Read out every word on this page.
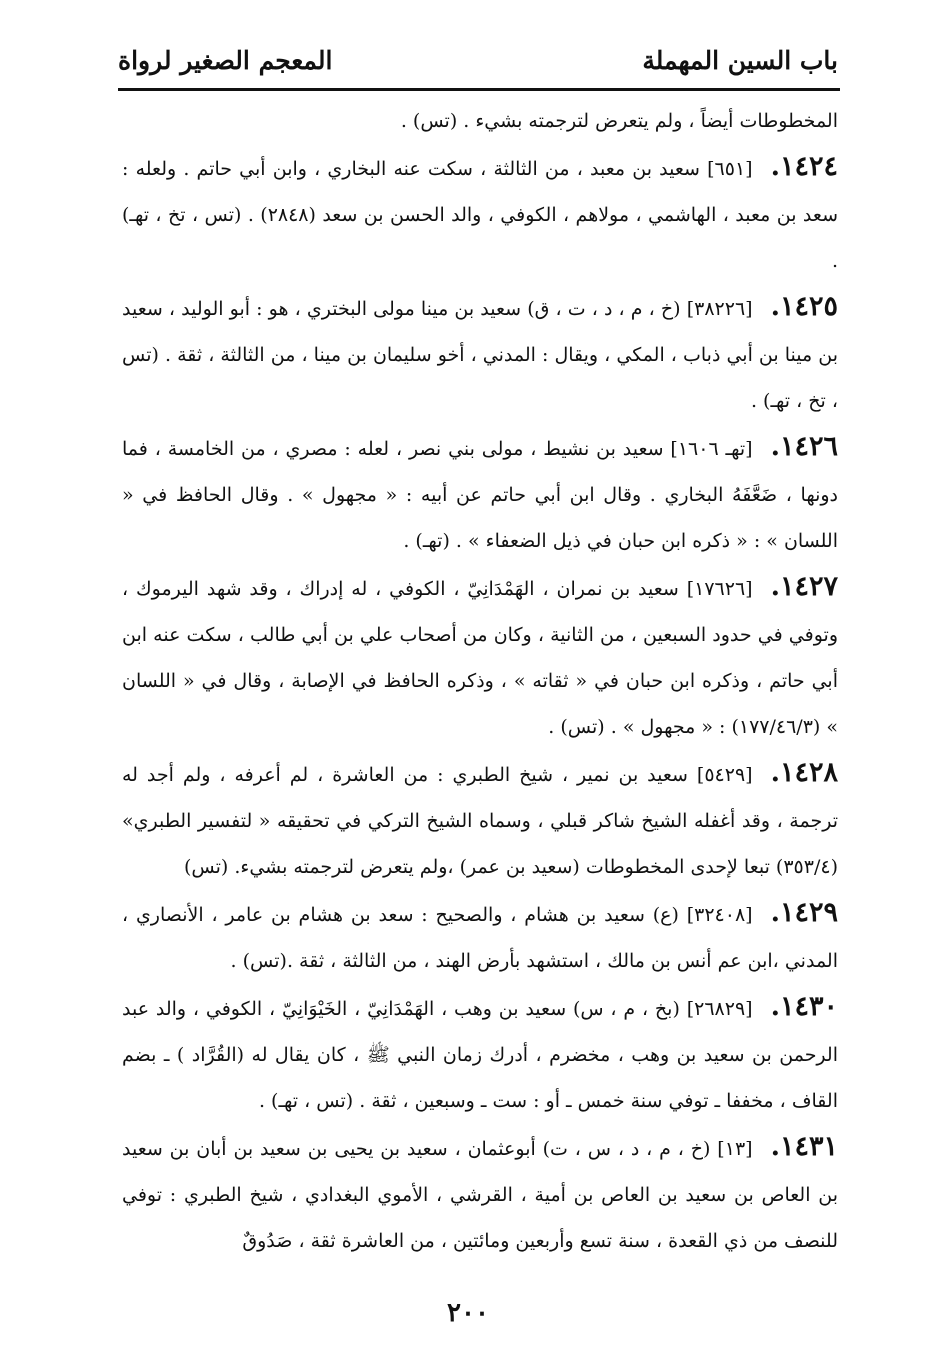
باب السين المهملة
المعجم الصغير لرواة

المخطوطات أيضاً ، ولم يتعرض لترجمته بشيء . (تس) .

١٤٢٤.[٦٥١] سعيد بن معبد ، من الثالثة ، سكت عنه البخاري ، وابن أبي حاتم . ولعله : سعد بن معبد ، الهاشمي ، مولاهم ، الكوفي ، والد الحسن بن سعد (٢٨٤٨) . (تس ، تخ ، تهـ) .

١٤٢٥.[٣٨٢٢٦] (خ ، م ، د ، ت ، ق) سعيد بن مينا مولى البختري ، هو : أبو الوليد ، سعيد بن مينا بن أبي ذباب ، المكي ، ويقال : المدني ، أخو سليمان بن مينا ، من الثالثة ، ثقة . (تس ، تخ ، تهـ) .

١٤٢٦.[تهـ ١٦٠٦] سعيد بن نشيط ، مولى بني نصر ، لعله : مصري ، من الخامسة ، فما دونها ، ضَعَّفَهُ البخاري . وقال ابن أبي حاتم عن أبيه : « مجهول » . وقال الحافظ في « اللسان » : « ذكره ابن حبان في ذيل الضعفاء » . (تهـ) .

١٤٢٧.[١٧٦٢٦] سعيد بن نمران ، الهَمْدَانِيّ ، الكوفي ، له إدراك ، وقد شهد اليرموك ، وتوفي في حدود السبعين ، من الثانية ، وكان من أصحاب علي بن أبي طالب ، سكت عنه ابن أبي حاتم ، وذكره ابن حبان في « ثقاته » ، وذكره الحافظ في الإصابة ، وقال في « اللسان » (١٧٧/٤٦/٣) : « مجهول » . (تس) .

١٤٢٨.[٥٤٢٩] سعيد بن نمير ، شيخ الطبري : من العاشرة ، لم أعرفه ، ولم أجد له ترجمة ، وقد أغفله الشيخ شاكر قبلي ، وسماه الشيخ التركي في تحقيقه « لتفسير الطبري» (٣٥٣/٤) تبعا لإحدى المخطوطات (سعيد بن عمر) ،ولم يتعرض لترجمته بشيء. (تس)

١٤٢٩.[٣٢٤٠٨] (ع) سعيد بن هشام ، والصحيح : سعد بن هشام بن عامر ، الأنصاري ، المدني ،ابن عم أنس بن مالك ، استشهد بأرض الهند ، من الثالثة ، ثقة .(تس) .

١٤٣٠.[٢٦٨٢٩] (بخ ، م ، س) سعيد بن وهب ، الهَمْدَانِيّ ، الخَيْوَانِيّ ، الكوفي ، والد عبد الرحمن بن سعيد بن وهب ، مخضرم ، أدرك زمان النبي ﷺ ، كان يقال له (القُرَّاد ) ـ بضم القاف ، مخففا ـ توفي سنة خمس ـ أو : ست ـ وسبعين ، ثقة . (تس ، تهـ) .

١٤٣١.[١٣] (خ ، م ، د ، س ، ت) أبوعثمان ، سعيد بن يحيى بن سعيد بن أبان بن سعيد بن العاص بن سعيد بن العاص بن أمية ، القرشي ، الأموي البغدادي ، شيخ الطبري : توفي للنصف من ذي القعدة ، سنة تسع وأربعين ومائتين ، من العاشرة ثقة ، صَدُوقٌ

٢٠٠
